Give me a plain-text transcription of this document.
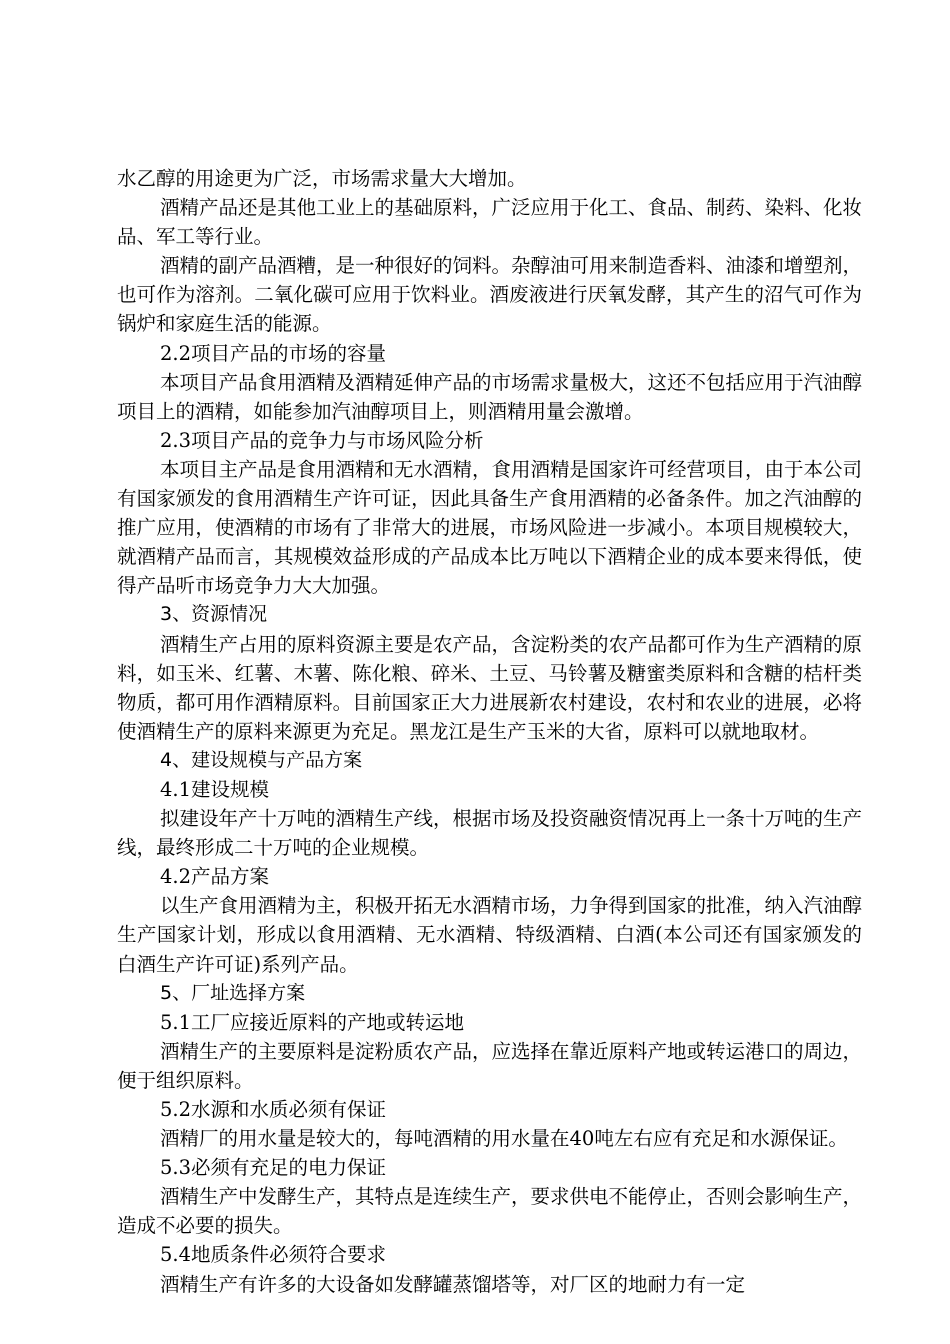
水乙醇的用途更为广泛，市场需求量大大增加。

酒精产品还是其他工业上的基础原料，广泛应用于化工、食品、制药、染料、化妆品、军工等行业。

酒精的副产品酒糟，是一种很好的饲料。杂醇油可用来制造香料、油漆和增塑剂，也可作为溶剂。二氧化碳可应用于饮料业。酒废液进行厌氧发酵，其产生的沼气可作为锅炉和家庭生活的能源。

2.2项目产品的市场的容量

本项目产品食用酒精及酒精延伸产品的市场需求量极大，这还不包括应用于汽油醇项目上的酒精，如能参加汽油醇项目上，则酒精用量会激增。

2.3项目产品的竞争力与市场风险分析

本项目主产品是食用酒精和无水酒精，食用酒精是国家许可经营项目，由于本公司有国家颁发的食用酒精生产许可证，因此具备生产食用酒精的必备条件。加之汽油醇的推广应用，使酒精的市场有了非常大的进展，市场风险进一步减小。本项目规模较大，就酒精产品而言，其规模效益形成的产品成本比万吨以下酒精企业的成本要来得低，使得产品听市场竞争力大大加强。

3、资源情况

酒精生产占用的原料资源主要是农产品，含淀粉类的农产品都可作为生产酒精的原料，如玉米、红薯、木薯、陈化粮、碎米、土豆、马铃薯及糖蜜类原料和含糖的桔杆类物质，都可用作酒精原料。目前国家正大力进展新农村建设，农村和农业的进展，必将使酒精生产的原料来源更为充足。黑龙江是生产玉米的大省，原料可以就地取材。

4、建设规模与产品方案

4.1建设规模

拟建设年产十万吨的酒精生产线，根据市场及投资融资情况再上一条十万吨的生产线，最终形成二十万吨的企业规模。

4.2产品方案

以生产食用酒精为主，积极开拓无水酒精市场，力争得到国家的批准，纳入汽油醇生产国家计划，形成以食用酒精、无水酒精、特级酒精、白酒(本公司还有国家颁发的白酒生产许可证)系列产品。

5、厂址选择方案

5.1工厂应接近原料的产地或转运地

酒精生产的主要原料是淀粉质农产品，应选择在靠近原料产地或转运港口的周边，便于组织原料。

5.2水源和水质必须有保证

酒精厂的用水量是较大的，每吨酒精的用水量在40吨左右应有充足和水源保证。

5.3必须有充足的电力保证

酒精生产中发酵生产，其特点是连续生产，要求供电不能停止，否则会影响生产，造成不必要的损失。

5.4地质条件必须符合要求

酒精生产有许多的大设备如发酵罐蒸馏塔等，对厂区的地耐力有一定
